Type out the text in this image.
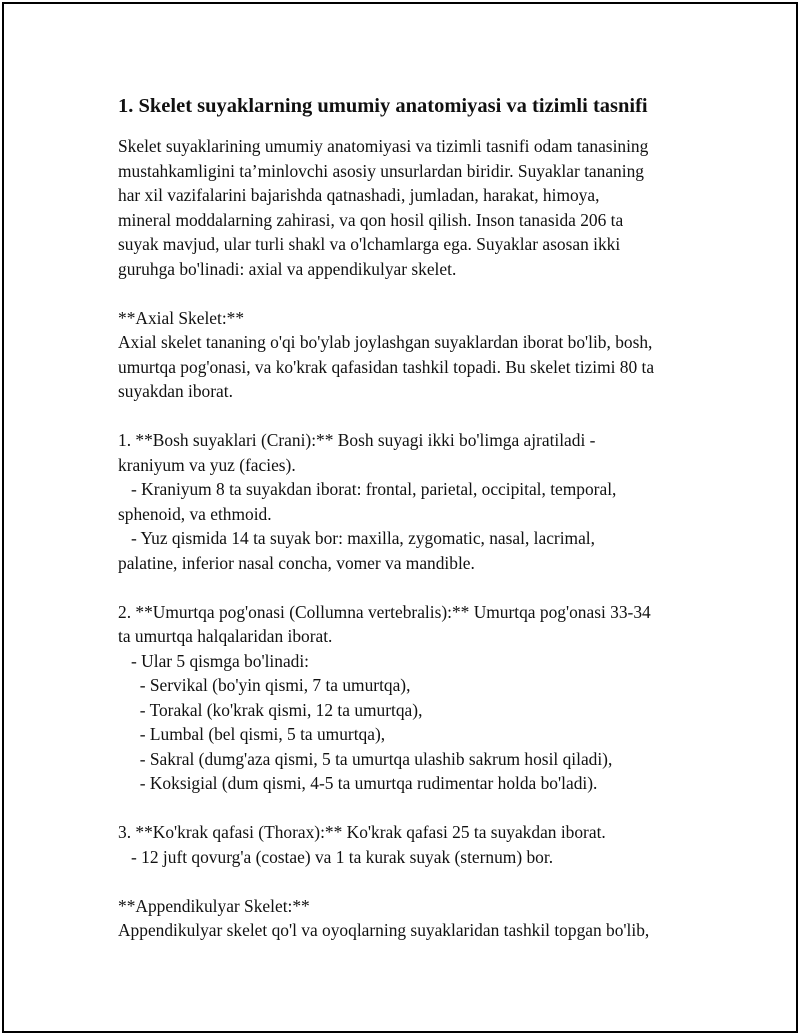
1. Skelet suyaklarning umumiy anatomiyasi va tizimli tasnifi
Skelet suyaklarining umumiy anatomiyasi va tizimli tasnifi odam tanasining
mustahkamligini ta’minlovchi asosiy unsurlardan biridir. Suyaklar tananing
har xil vazifalarini bajarishda qatnashadi, jumladan, harakat, himoya,
mineral moddalarning zahirasi, va qon hosil qilish. Inson tanasida 206 ta
suyak mavjud, ular turli shakl va o'lchamlarga ega. Suyaklar asosan ikki
guruhga bo'linadi: axial va appendikulyar skelet.
**Axial Skelet:**
Axial skelet tananing o'qi bo'ylab joylashgan suyaklardan iborat bo'lib, bosh,
umurtqa pog'onasi, va ko'krak qafasidan tashkil topadi. Bu skelet tizimi 80 ta
suyakdan iborat.
1. **Bosh suyaklari (Crani):** Bosh suyagi ikki bo'limga ajratiladi -
kraniyum va yuz (facies).
- Kraniyum 8 ta suyakdan iborat: frontal, parietal, occipital, temporal,
sphenoid, va ethmoid.
- Yuz qismida 14 ta suyak bor: maxilla, zygomatic, nasal, lacrimal,
palatine, inferior nasal concha, vomer va mandible.
2. **Umurtqa pog'onasi (Collumna vertebralis):** Umurtqa pog'onasi 33-34
ta umurtqa halqalaridan iborat.
- Ular 5 qismga bo'linadi:
- Servikal (bo'yin qismi, 7 ta umurtqa),
- Torakal (ko'krak qismi, 12 ta umurtqa),
- Lumbal (bel qismi, 5 ta umurtqa),
- Sakral (dumg'aza qismi, 5 ta umurtqa ulashib sakrum hosil qiladi),
- Koksigial (dum qismi, 4-5 ta umurtqa rudimentar holda bo'ladi).
3. **Ko'krak qafasi (Thorax):** Ko'krak qafasi 25 ta suyakdan iborat.
- 12 juft qovurg'a (costae) va 1 ta kurak suyak (sternum) bor.
**Appendikulyar Skelet:**
Appendikulyar skelet qo'l va oyoqlarning suyaklaridan tashkil topgan bo'lib,
